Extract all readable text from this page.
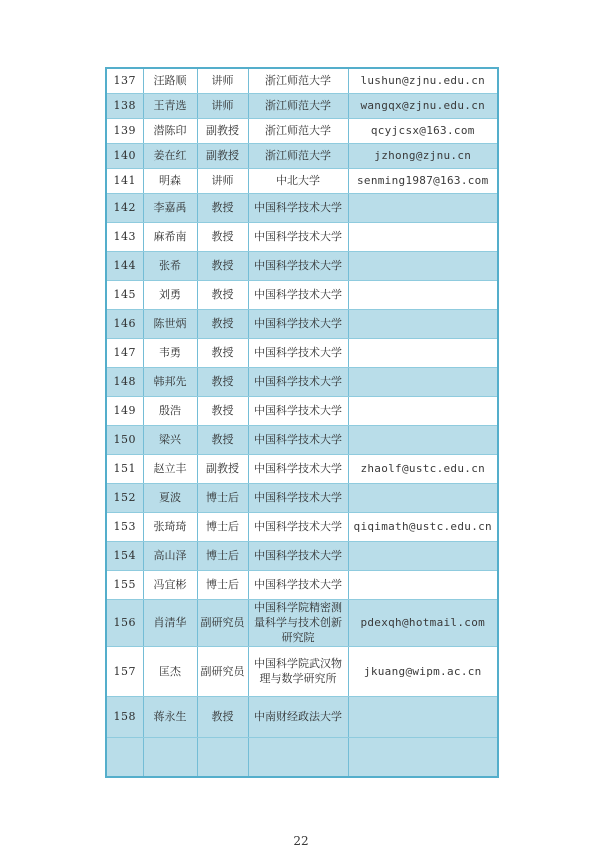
137	汪路顺	讲师	浙江师范大学	lushun@zjnu.edu.cn
138	王青选	讲师	浙江师范大学	wangqx@zjnu.edu.cn
139	潜陈印	副教授	浙江师范大学	qcyjcsx@163.com
140	姜在红	副教授	浙江师范大学	jzhong@zjnu.cn
141	明森	讲师	中北大学	senming1987@163.com
142	李嘉禹	教授	中国科学技术大学	
143	麻希南	教授	中国科学技术大学	
144	张希	教授	中国科学技术大学	
145	刘勇	教授	中国科学技术大学	
146	陈世炳	教授	中国科学技术大学	
147	韦勇	教授	中国科学技术大学	
148	韩邦先	教授	中国科学技术大学	
149	殷浩	教授	中国科学技术大学	
150	梁兴	教授	中国科学技术大学	
151	赵立丰	副教授	中国科学技术大学	zhaolf@ustc.edu.cn
152	夏波	博士后	中国科学技术大学	
153	张琦琦	博士后	中国科学技术大学	qiqimath@ustc.edu.cn
154	高山泽	博士后	中国科学技术大学	
155	冯宜彬	博士后	中国科学技术大学	
156	肖清华	副研究员	中国科学院精密测量科学与技术创新研究院	pdexqh@hotmail.com
157	匡杰	副研究员	中国科学院武汉物理与数学研究所	jkuang@wipm.ac.cn
158	蒋永生	教授	中南财经政法大学	

22
